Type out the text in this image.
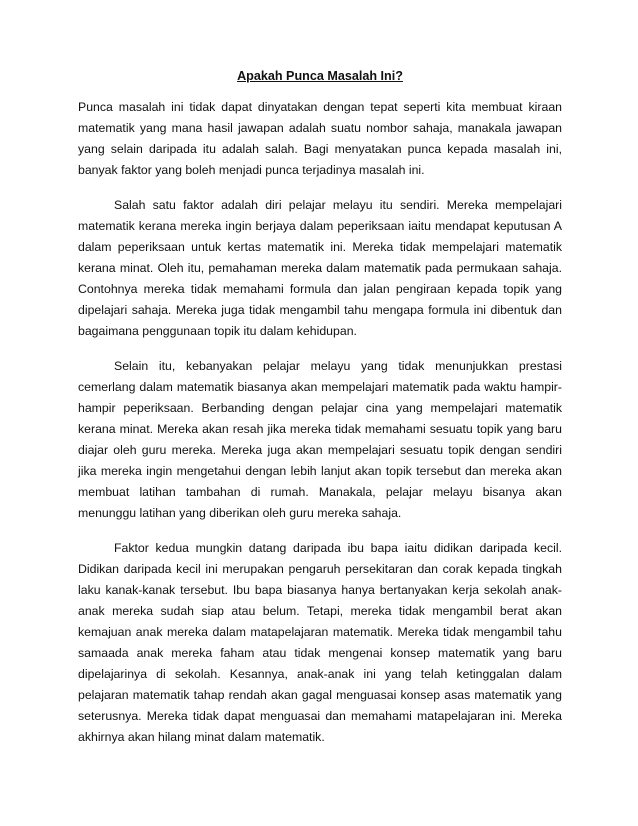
Apakah Punca Masalah Ini?

Punca masalah ini tidak dapat dinyatakan dengan tepat seperti kita membuat kiraan matematik yang mana hasil jawapan adalah suatu nombor sahaja, manakala jawapan yang selain daripada itu adalah salah. Bagi menyatakan punca kepada masalah ini, banyak faktor yang boleh menjadi punca terjadinya masalah ini.

Salah satu faktor adalah diri pelajar melayu itu sendiri. Mereka mempelajari matematik kerana mereka ingin berjaya dalam peperiksaan iaitu mendapat keputusan A dalam peperiksaan untuk kertas matematik ini. Mereka tidak mempelajari matematik kerana minat. Oleh itu, pemahaman mereka dalam matematik pada permukaan sahaja. Contohnya mereka tidak memahami formula dan jalan pengiraan kepada topik yang dipelajari sahaja. Mereka juga tidak mengambil tahu mengapa formula ini dibentuk dan bagaimana penggunaan topik itu dalam kehidupan.

Selain itu, kebanyakan pelajar melayu yang tidak menunjukkan prestasi cemerlang dalam matematik biasanya akan mempelajari matematik pada waktu hampir-hampir peperiksaan. Berbanding dengan pelajar cina yang mempelajari matematik kerana minat. Mereka akan resah jika mereka tidak memahami sesuatu topik yang baru diajar oleh guru mereka. Mereka juga akan mempelajari sesuatu topik dengan sendiri jika mereka ingin mengetahui dengan lebih lanjut akan topik tersebut dan mereka akan membuat latihan tambahan di rumah. Manakala, pelajar melayu bisanya akan menunggu latihan yang diberikan oleh guru mereka sahaja.

Faktor kedua mungkin datang daripada ibu bapa iaitu didikan daripada kecil. Didikan daripada kecil ini merupakan pengaruh persekitaran dan corak kepada tingkah laku kanak-kanak tersebut. Ibu bapa biasanya hanya bertanyakan kerja sekolah anak-anak mereka sudah siap atau belum. Tetapi, mereka tidak mengambil berat akan kemajuan anak mereka dalam matapelajaran matematik. Mereka tidak mengambil tahu samaada anak mereka faham atau tidak mengenai konsep matematik yang baru dipelajarinya di sekolah. Kesannya, anak-anak ini yang telah ketinggalan dalam pelajaran matematik tahap rendah akan gagal menguasai konsep asas matematik yang seterusnya. Mereka tidak dapat menguasai dan memahami matapelajaran ini. Mereka akhirnya akan hilang minat dalam matematik.
